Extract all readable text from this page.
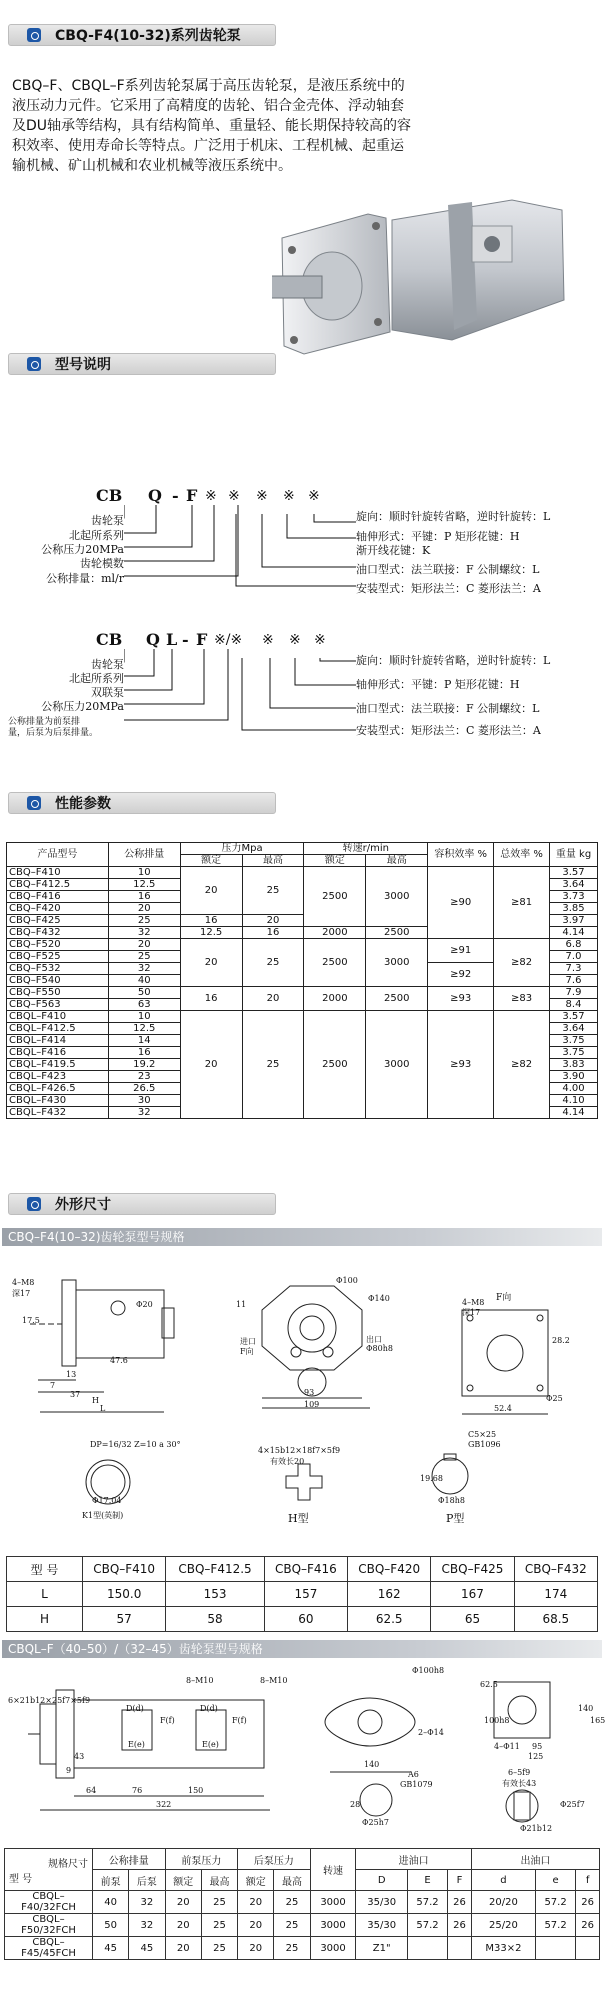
CBQ-F4(10-32)系列齿轮泵
CBQ–F、CBQL–F系列齿轮泵属于高压齿轮泵，是液压系统中的液压动力元件。它采用了高精度的齿轮、铝合金壳体、浮动轴套及DU轴承等结构，具有结构简单、重量轻、能长期保持较高的容积效率、使用寿命长等特点。广泛用于机床、工程机械、起重运输机械、矿山机械和农业机械等液压系统中。
型号说明
CB Q - F ※ ※ ※ ※ ※
齿轮泵
北起所系列
公称压力20MPa
齿轮模数
公称排量：ml/r
旋向：顺时针旋转省略，逆时针旋转：L
轴伸形式：平键：P 矩形花键：H
渐开线花键：K
油口型式：法兰联接：F 公制螺纹：L
安装型式：矩形法兰：C 菱形法兰：A
CB Q L - F ※/※ ※ ※ ※
齿轮泵
北起所系列
双联泵
公称压力20MPa
公称排量为前泵排
量，后泵为后泵排量。
旋向：顺时针旋转省略，逆时针旋转：L
轴伸形式：平键：P 矩形花键：H
油口型式：法兰联接：F 公制螺纹：L
安装型式：矩形法兰：C 菱形法兰：A
性能参数
产品型号	公称排量	压力Mpa		转速r/min		容积效率 %	总效率 %	重量 kg
		额定	最高	额定	最高			
CBQ–F410	10	20	25	2500	3000	≥90	≥81	3.57
CBQ–F412.5	12.5							3.64
CBQ–F416	16							3.73
CBQ–F420	20							3.85
CBQ–F425	25	16	20					3.97
CBQ–F432	32	12.5	16	2000	2500			4.14
CBQ–F520	20	20	25	2500	3000	≥91	≥82	6.8
CBQ–F525	25							7.0
CBQ–F532	32					≥92		7.3
CBQ–F540	40							7.6
CBQ–F550	50	16	20	2000	2500	≥93	≥83	7.9
CBQ–F563	63							8.4
CBQL–F410	10	20	25	2500	3000	≥93	≥82	3.57
CBQL–F412.5	12.5							3.64
CBQL–F414	14							3.75
CBQL–F416	16							3.75
CBQL–F419.5	19.2							3.83
CBQL–F423	23							3.90
CBQL–F426.5	26.5							4.00
CBQL–F430	30							4.10
CBQL–F432	32							4.14
外形尺寸
CBQ–F4(10–32)齿轮泵型号规格
4–M8
深17
Φ20
17.5
47.6
7
37
13
H
L
Φ100
Φ140
11
进口
F向
出口
Φ80h8
93
109
F向
4–M8
深17
28.2
52.4
Φ25
DP=16/32 Z=10 a 30°
Φ17.04
K1型(英制)
4×15b12×18f7×5f9
有效长20
H型
C5×25
GB1096
19.68
Φ18h8
P型
型 号	CBQ–F410	CBQ–F412.5	CBQ–F416	CBQ–F420	CBQ–F425	CBQ–F432
L	150.0	153	157	162	167	174
H	57	58	60	62.5	65	68.5
CBQL–F（40–50）/（32–45）齿轮泵型号规格
6×21b12×25f7×5f9
8–M10	8–M10
D(d)	D(d)
F(f)	F(f)
E(e)	E(e)
43
9
64	76	150
322
Φ100h8
2–Φ14
140
A6
GB1079
28
Φ25h7
62.5
100h8
140
165
4–Φ11 95
125
6–5f9
有效长43
Φ25f7
Φ21b12
规格尺寸
型 号	公称排量		前泵压力		后泵压力		转速	进油口			出油口		
	前泵	后泵	额定	最高	额定	最高		D	E	F	d	e	f
CBQL–F40/32FCH	40	32	20	25	20	25	3000	35/30	57.2	26	20/20	57.2	26
CBQL–F50/32FCH	50	32	20	25	20	25	3000	35/30	57.2	26	25/20	57.2	26
CBQL–F45/45FCH	45	45	20	25	20	25	3000	Z1"			M33×2		
